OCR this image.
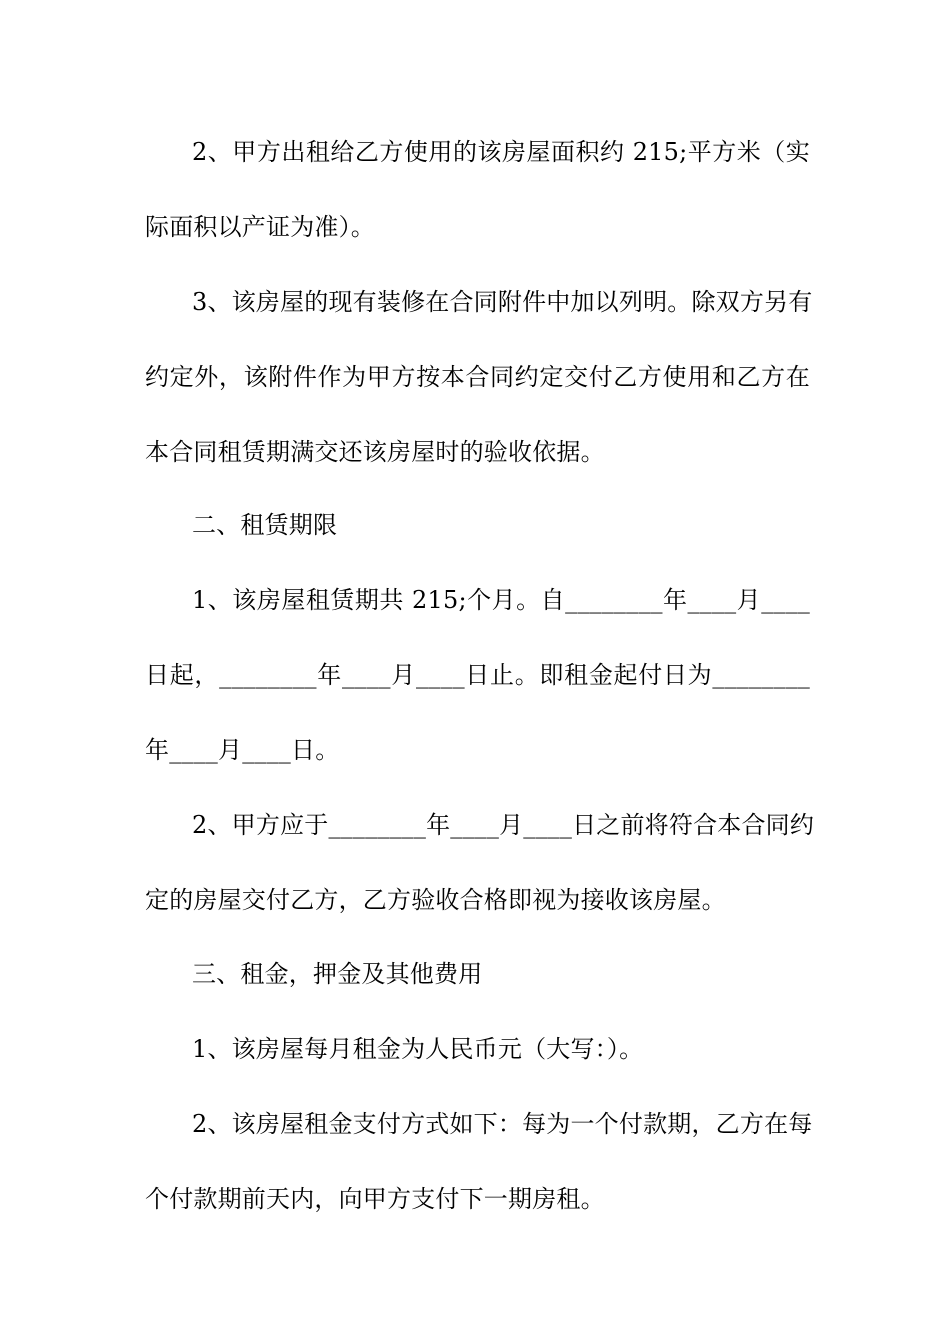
2、甲方出租给乙方使用的该房屋面积约 215;平方米（实
际面积以产证为准）。
3、该房屋的现有装修在合同附件中加以列明。除双方另有
约定外，该附件作为甲方按本合同约定交付乙方使用和乙方在
本合同租赁期满交还该房屋时的验收依据。
二、租赁期限
1、该房屋租赁期共 215;个月。自________年____月____
日起，________年____月____日止。即租金起付日为________
年____月____日。
2、甲方应于________年____月____日之前将符合本合同约
定的房屋交付乙方，乙方验收合格即视为接收该房屋。
三、租金，押金及其他费用
1、该房屋每月租金为人民币元（大写：）。
2、该房屋租金支付方式如下：每为一个付款期，乙方在每
个付款期前天内，向甲方支付下一期房租。
